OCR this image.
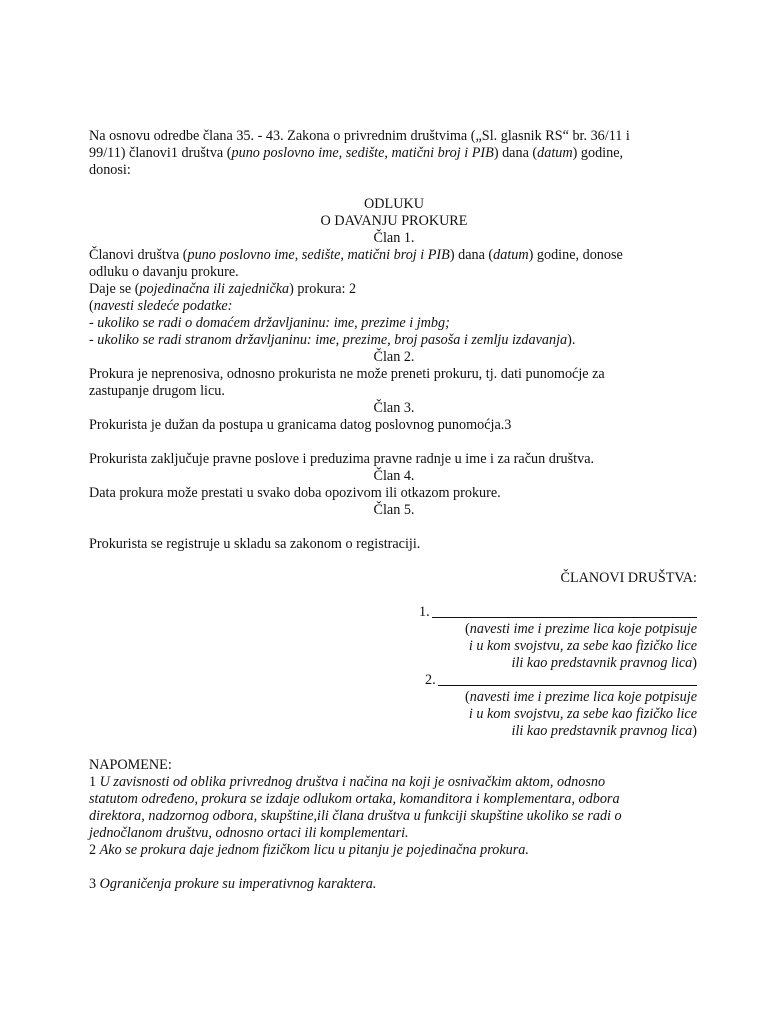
Na osnovu odredbe člana 35. - 43. Zakona o privrednim društvima („Sl. glasnik RS“ br. 36/11 i

99/11) članovi1 društva (puno poslovno ime, sedište, matični broj i PIB) dana (datum) godine,

donosi:

ODLUKU

O DAVANJU PROKURE

Član 1.

Članovi društva (puno poslovno ime, sedište, matični broj i PIB) dana (datum) godine, donose

odluku o davanju prokure.

Daje se (pojedinačna ili zajednička) prokura: 2

(navesti sledeće podatke:

- ukoliko se radi o domaćem državljaninu: ime, prezime i jmbg;

- ukoliko se radi stranom državljaninu: ime, prezime, broj pasoša i zemlju izdavanja).

Član 2.

Prokura je neprenosiva, odnosno prokurista ne može preneti prokuru, tj. dati punomoćje za

zastupanje drugom licu.

Član 3.

Prokurista je dužan da postupa u granicama datog poslovnog punomoćja.3

Prokurista zaključuje pravne poslove i preduzima pravne radnje u ime i za račun društva.

Član 4.

Data prokura može prestati u svako doba opozivom ili otkazom prokure.

Član 5.

Prokurista se registruje u skladu sa zakonom o registraciji.

ČLANOVI DRUŠTVA:

1.

(navesti ime i prezime lica koje potpisuje

i u kom svojstvu, za sebe kao fizičko lice

ili kao predstavnik pravnog lica)

2.

(navesti ime i prezime lica koje potpisuje

i u kom svojstvu, za sebe kao fizičko lice

ili kao predstavnik pravnog lica)

NAPOMENE:

1 U zavisnosti od oblika privrednog društva i načina na koji je osnivačkim aktom, odnosno

statutom određeno, prokura se izdaje odlukom ortaka, komanditora i komplementara, odbora

direktora, nadzornog odbora, skupštine,ili člana društva u funkciji skupštine ukoliko se radi o

jednočlanom društvu, odnosno ortaci ili komplementari.

2 Ako se prokura daje jednom fizičkom licu u pitanju je pojedinačna prokura.

3 Ograničenja prokure su imperativnog karaktera.
